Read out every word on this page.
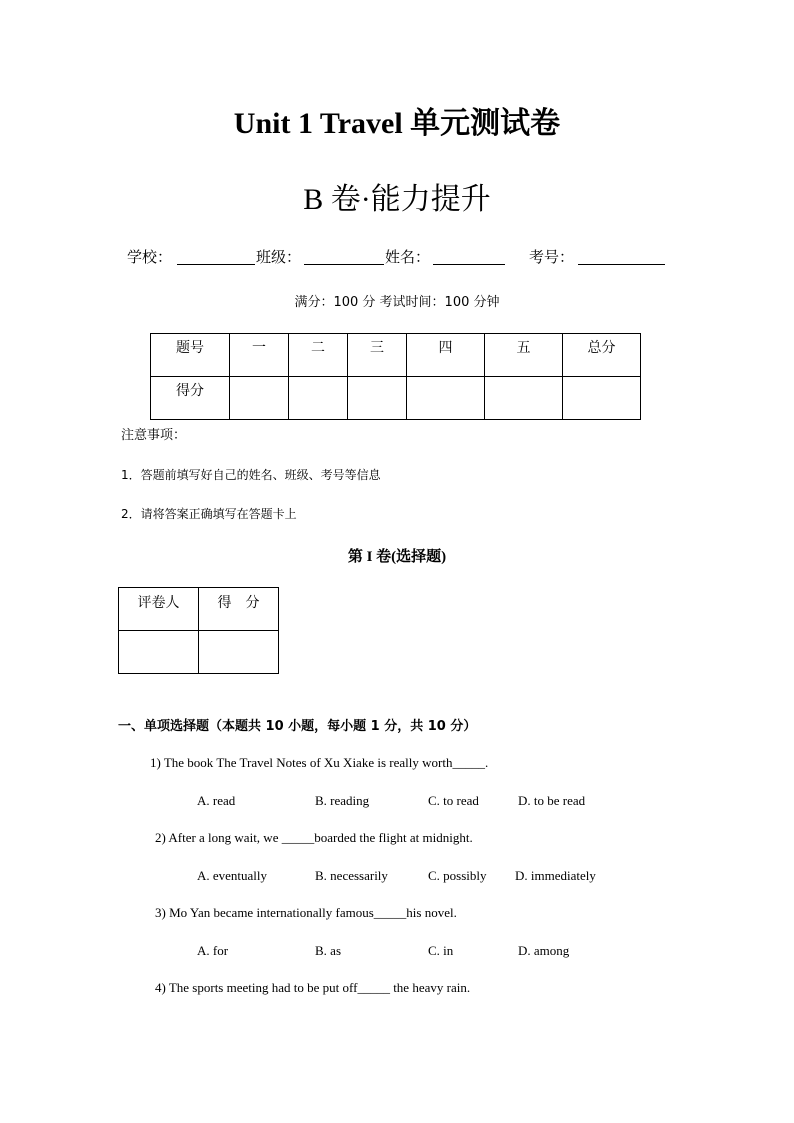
Unit 1 Travel 单元测试卷
B 卷·能力提升
学校：	班级：	姓名：	考号：
满分：100 分 考试时间：100 分钟
题号	一	二	三	四	五	总分
得分						
注意事项：
1．答题前填写好自己的姓名、班级、考号等信息
2．请将答案正确填写在答题卡上
第 I 卷(选择题)
评卷人	得　分

一、单项选择题（本题共 10 小题，每小题 1 分，共 10 分）
1) The book The Travel Notes of Xu Xiake is really worth_____.
A. read	B. reading	C. to read	D. to be read
2) After a long wait, we _____boarded the flight at midnight.
A. eventually	B. necessarily	C. possibly D. immediately
3) Mo Yan became internationally famous_____his novel.
A. for	B. as	C. in	D. among
4) The sports meeting had to be put off_____ the heavy rain.
